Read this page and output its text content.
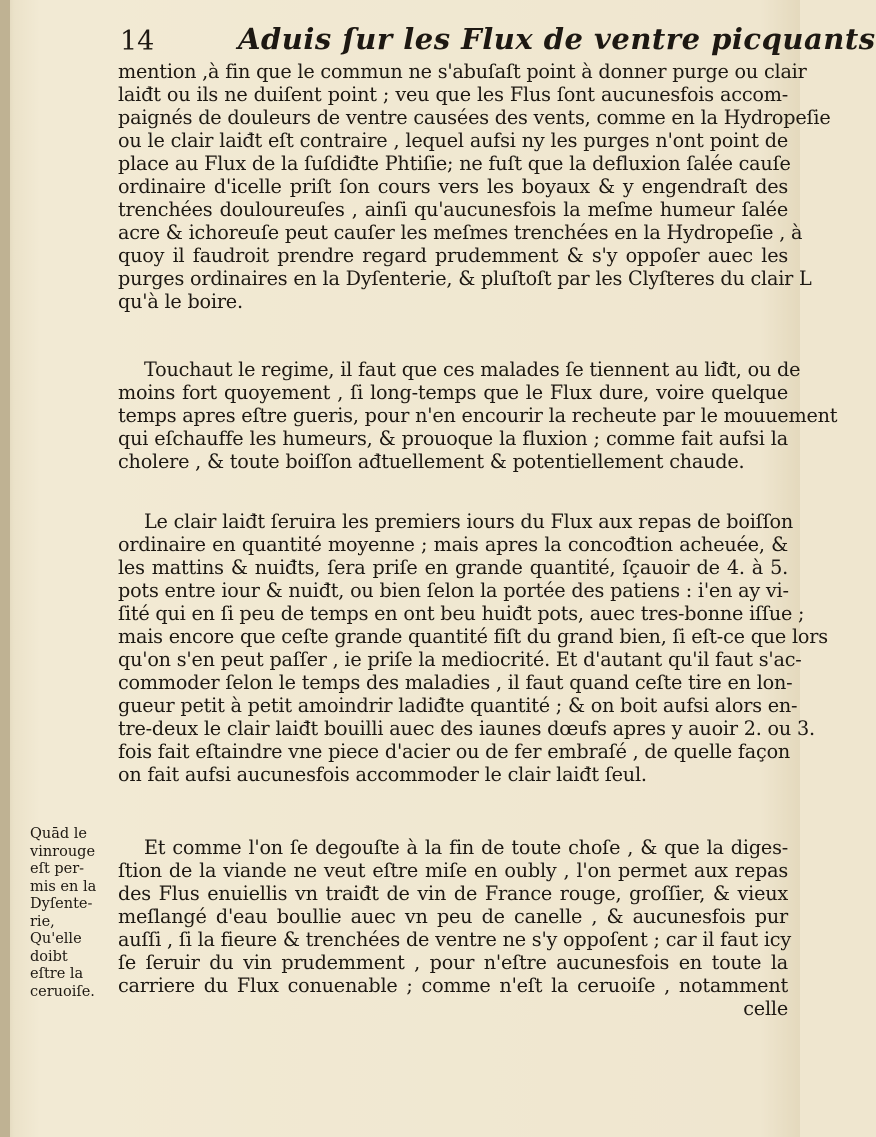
14	Aduis ſur les Flux de ventre picquants
mention ,à fin que le commun ne s'abuſaſt point à donner purge ou clair
laiđt ou ils ne duiſent point ; veu que les Flus ſont aucunesfois accom-
paignés de douleurs de ventre causées des vents, comme en la Hydropeſie
ou le clair laiđt eſt contraire , lequel aufsi ny les purges n'ont point de
place au Flux de la ſuſdiđte Phtiſie; ne fuſt que la defluxion ſalée cauſe
ordinaire d'icelle priſt ſon cours vers les boyaux & y engendraſt des
trenchées douloureuſes , ainſi qu'aucunesfois la meſme humeur ſalée
acre & ichoreuſe peut cauſer les meſmes trenchées en la Hydropeſie , à
quoy il faudroit prendre regard prudemment & s'y oppoſer auec les
purges ordinaires en la Dyſenterie, & pluſtoſt par les Clyſteres du clair L
qu'à le boire.
Touchaut le regime, il faut que ces malades ſe tiennent au liđt, ou de
moins fort quoyement , ſi long-temps que le Flux dure, voire quelque
temps apres eſtre gueris, pour n'en encourir la recheute par le mouuement
qui eſchauffe les humeurs, & prouoque la fluxion ; comme fait aufsi la
cholere , & toute boiſſon ađtuellement & potentiellement chaude.
Le clair laiđt ſeruira les premiers iours du Flux aux repas de boiſſon
ordinaire en quantité moyenne ; mais apres la concođtion acheuée, &
les mattins & nuiđts, ſera priſe en grande quantité, ſçauoir de 4. à 5.
pots entre iour & nuiđt, ou bien ſelon la portée des patiens : i'en ay vi-
ſité qui en ſi peu de temps en ont beu huiđt pots, auec tres-bonne iſſue ;
mais encore que ceſte grande quantité fiſt du grand bien, ſi eſt-ce que lors
qu'on s'en peut paſſer , ie priſe la mediocrité. Et d'autant qu'il faut s'ac-
commoder ſelon le temps des maladies , il faut quand ceſte tire en lon-
gueur petit à petit amoindrir ladiđte quantité ; & on boit aufsi alors en-
tre-deux le clair laiđt bouilli auec des iaunes dœufs apres y auoir 2. ou 3.
fois fait eſtaindre vne piece d'acier ou de fer embraſé , de quelle façon
on fait aufsi aucunesfois accommoder le clair laiđt ſeul.
Quād le
vinrouge
eſt per-
mis en la
Dyſente-
rie,
Qu'elle
doibt
eſtre la
ceruoiſe.
Et comme l'on ſe degouſte à la fin de toute choſe , & que la diges-
ſtion de la viande ne veut eſtre miſe en oubly , l'on permet aux repas
des Flus enuiellis vn traiđt de vin de France rouge, groſſier, & vieux
meſlangé d'eau boullie auec vn peu de canelle , & aucunesfois pur
auſſi , ſi la fieure & trenchées de ventre ne s'y oppoſent ; car il faut icy
ſe ſeruir du vin prudemment , pour n'eſtre aucunesfois en toute la
carriere du Flux conuenable ; comme n'eſt la ceruoiſe , notamment
celle
